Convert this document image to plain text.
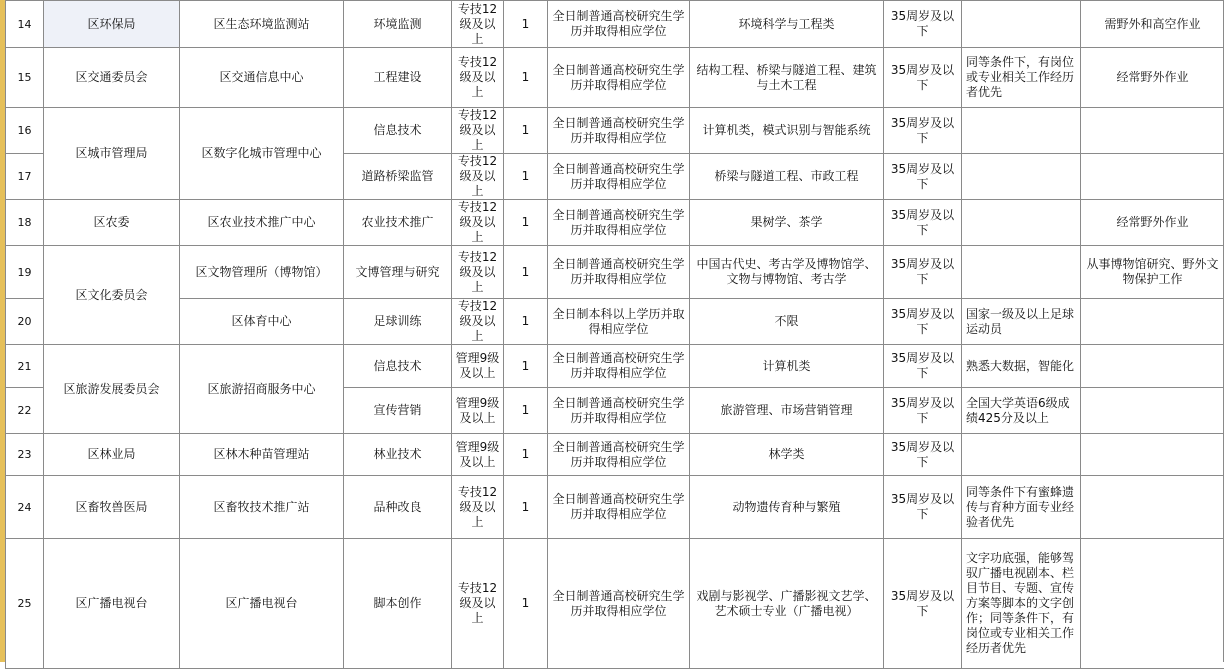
14	区环保局	区生态环境监测站	环境监测	专技12级及以上	1	全日制普通高校研究生学历并取得相应学位	环境科学与工程类	35周岁及以下		需野外和高空作业
15	区交通委员会	区交通信息中心	工程建设	专技12级及以上	1	全日制普通高校研究生学历并取得相应学位	结构工程、桥梁与隧道工程、建筑与土木工程	35周岁及以下	同等条件下，有岗位或专业相关工作经历者优先	经常野外作业
16	区城市管理局	区数字化城市管理中心	信息技术	专技12级及以上	1	全日制普通高校研究生学历并取得相应学位	计算机类，模式识别与智能系统	35周岁及以下		
17			道路桥梁监管	专技12级及以上	1	全日制普通高校研究生学历并取得相应学位	桥梁与隧道工程、市政工程	35周岁及以下		
18	区农委	区农业技术推广中心	农业技术推广	专技12级及以上	1	全日制普通高校研究生学历并取得相应学位	果树学、茶学	35周岁及以下		经常野外作业
19	区文化委员会	区文物管理所（博物馆）	文博管理与研究	专技12级及以上	1	全日制普通高校研究生学历并取得相应学位	中国古代史、考古学及博物馆学、文物与博物馆、考古学	35周岁及以下		从事博物馆研究、野外文物保护工作
20		区体育中心	足球训练	专技12级及以上	1	全日制本科以上学历并取得相应学位	不限	35周岁及以下	国家一级及以上足球运动员	
21	区旅游发展委员会	区旅游招商服务中心	信息技术	管理9级及以上	1	全日制普通高校研究生学历并取得相应学位	计算机类	35周岁及以下	熟悉大数据，智能化	
22			宣传营销	管理9级及以上	1	全日制普通高校研究生学历并取得相应学位	旅游管理、市场营销管理	35周岁及以下	全国大学英语6级成绩425分及以上	
23	区林业局	区林木种苗管理站	林业技术	管理9级及以上	1	全日制普通高校研究生学历并取得相应学位	林学类	35周岁及以下		
24	区畜牧兽医局	区畜牧技术推广站	品种改良	专技12级及以上	1	全日制普通高校研究生学历并取得相应学位	动物遗传育种与繁殖	35周岁及以下	同等条件下有蜜蜂遗传与育种方面专业经验者优先	
25	区广播电视台	区广播电视台	脚本创作	专技12级及以上	1	全日制普通高校研究生学历并取得相应学位	戏剧与影视学、广播影视文艺学、艺术硕士专业（广播电视）	35周岁及以下	文字功底强，能够驾驭广播电视剧本、栏目节目、专题、宣传方案等脚本的文字创作；同等条件下，有岗位或专业相关工作经历者优先	
